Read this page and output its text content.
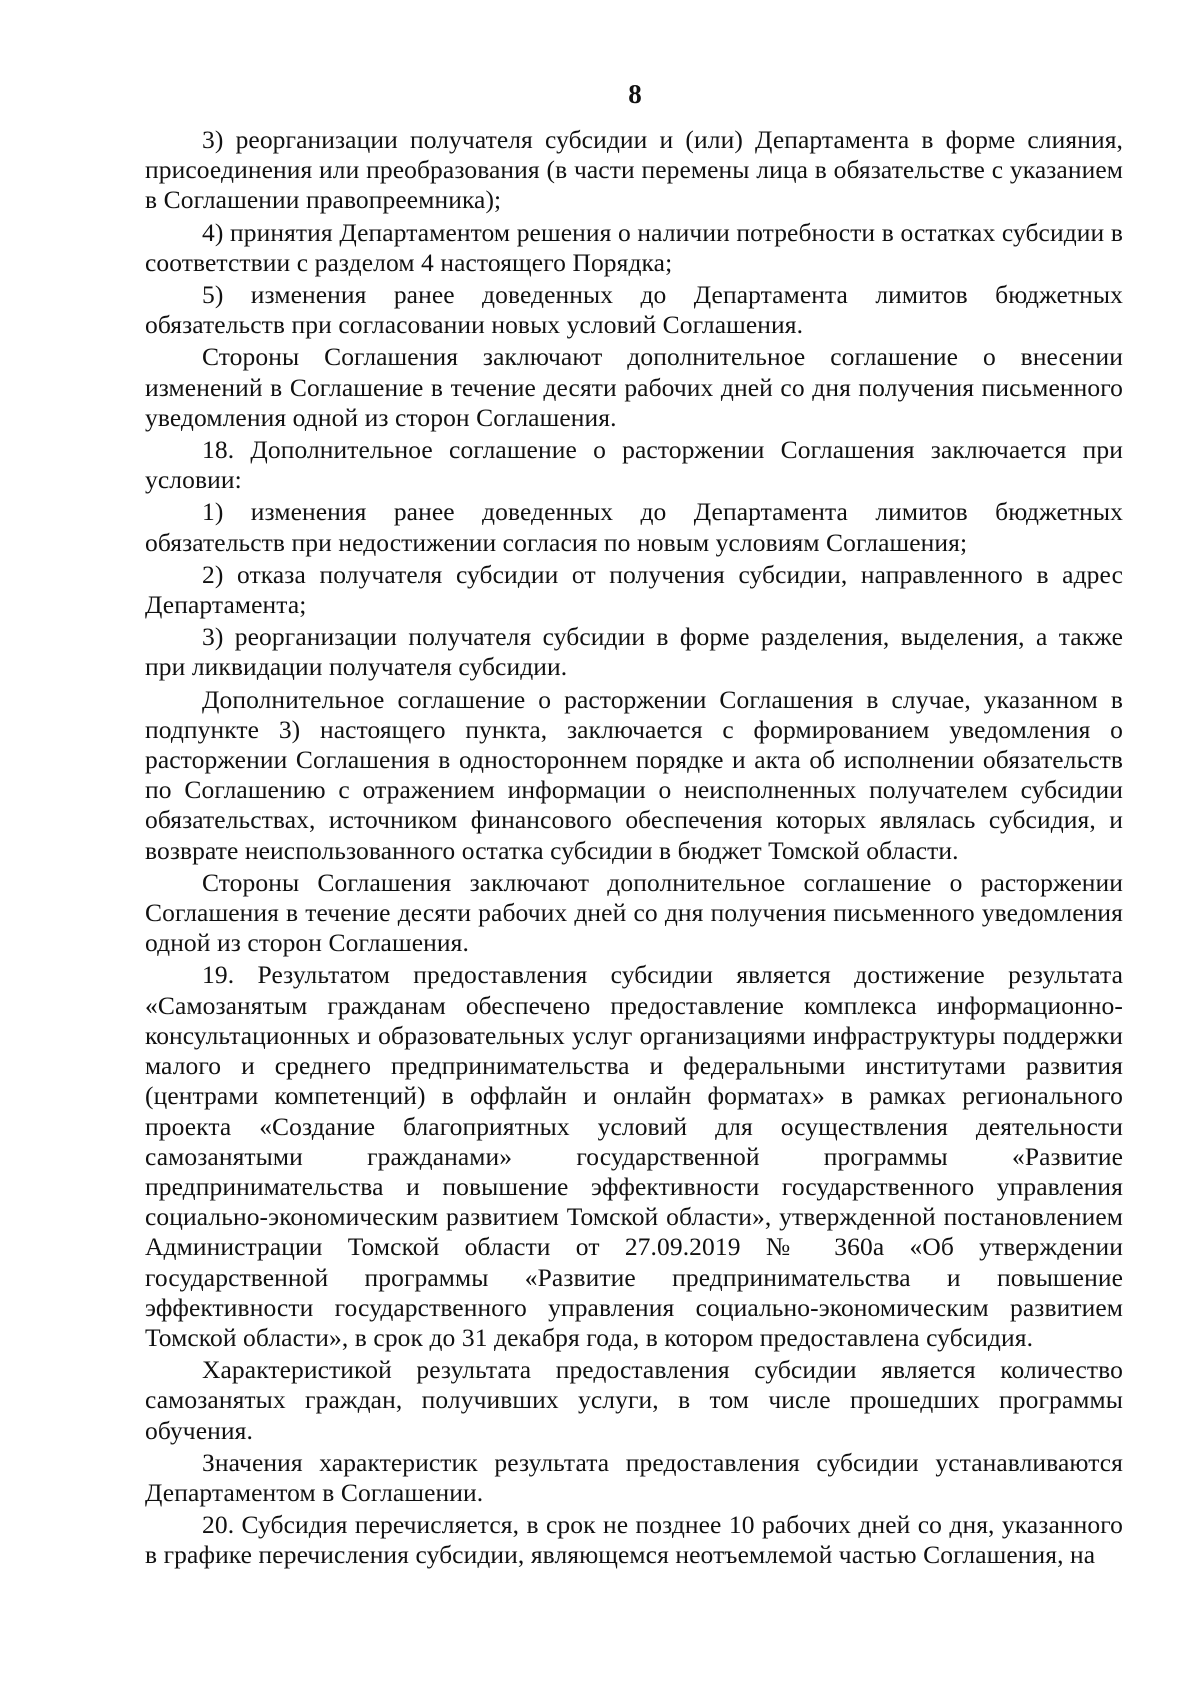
8

3) реорганизации получателя субсидии и (или) Департамента в форме слияния, присоединения или преобразования (в части перемены лица в обязательстве с указанием в Соглашении правопреемника);

4) принятия Департаментом решения о наличии потребности в остатках субсидии в соответствии с разделом 4 настоящего Порядка;

5) изменения ранее доведенных до Департамента лимитов бюджетных обязательств при согласовании новых условий Соглашения.

Стороны Соглашения заключают дополнительное соглашение о внесении изменений в Соглашение в течение десяти рабочих дней со дня получения письменного уведомления одной из сторон Соглашения.

18. Дополнительное соглашение о расторжении Соглашения заключается при условии:

1) изменения ранее доведенных до Департамента лимитов бюджетных обязательств при недостижении согласия по новым условиям Соглашения;

2) отказа получателя субсидии от получения субсидии, направленного в адрес Департамента;

3) реорганизации получателя субсидии в форме разделения, выделения, а также при ликвидации получателя субсидии.

Дополнительное соглашение о расторжении Соглашения в случае, указанном в подпункте 3) настоящего пункта, заключается с формированием уведомления о расторжении Соглашения в одностороннем порядке и акта об исполнении обязательств по Соглашению с отражением информации о неисполненных получателем субсидии обязательствах, источником финансового обеспечения которых являлась субсидия, и возврате неиспользованного остатка субсидии в бюджет Томской области.

Стороны Соглашения заключают дополнительное соглашение о расторжении Соглашения в течение десяти рабочих дней со дня получения письменного уведомления одной из сторон Соглашения.

19. Результатом предоставления субсидии является достижение результата «Самозанятым гражданам обеспечено предоставление комплекса информационно-консультационных и образовательных услуг организациями инфраструктуры поддержки малого и среднего предпринимательства и федеральными институтами развития (центрами компетенций) в оффлайн и онлайн форматах» в рамках регионального проекта «Создание благоприятных условий для осуществления деятельности самозанятыми гражданами» государственной программы «Развитие предпринимательства и повышение эффективности государственного управления социально-экономическим развитием Томской области», утвержденной постановлением Администрации Томской области от 27.09.2019 № 360а «Об утверждении государственной программы «Развитие предпринимательства и повышение эффективности государственного управления социально-экономическим развитием Томской области», в срок до 31 декабря года, в котором предоставлена субсидия.

Характеристикой результата предоставления субсидии является количество самозанятых граждан, получивших услуги, в том числе прошедших программы обучения.

Значения характеристик результата предоставления субсидии устанавливаются Департаментом в Соглашении.

20. Субсидия перечисляется, в срок не позднее 10 рабочих дней со дня, указанного в графике перечисления субсидии, являющемся неотъемлемой частью Соглашения, на
